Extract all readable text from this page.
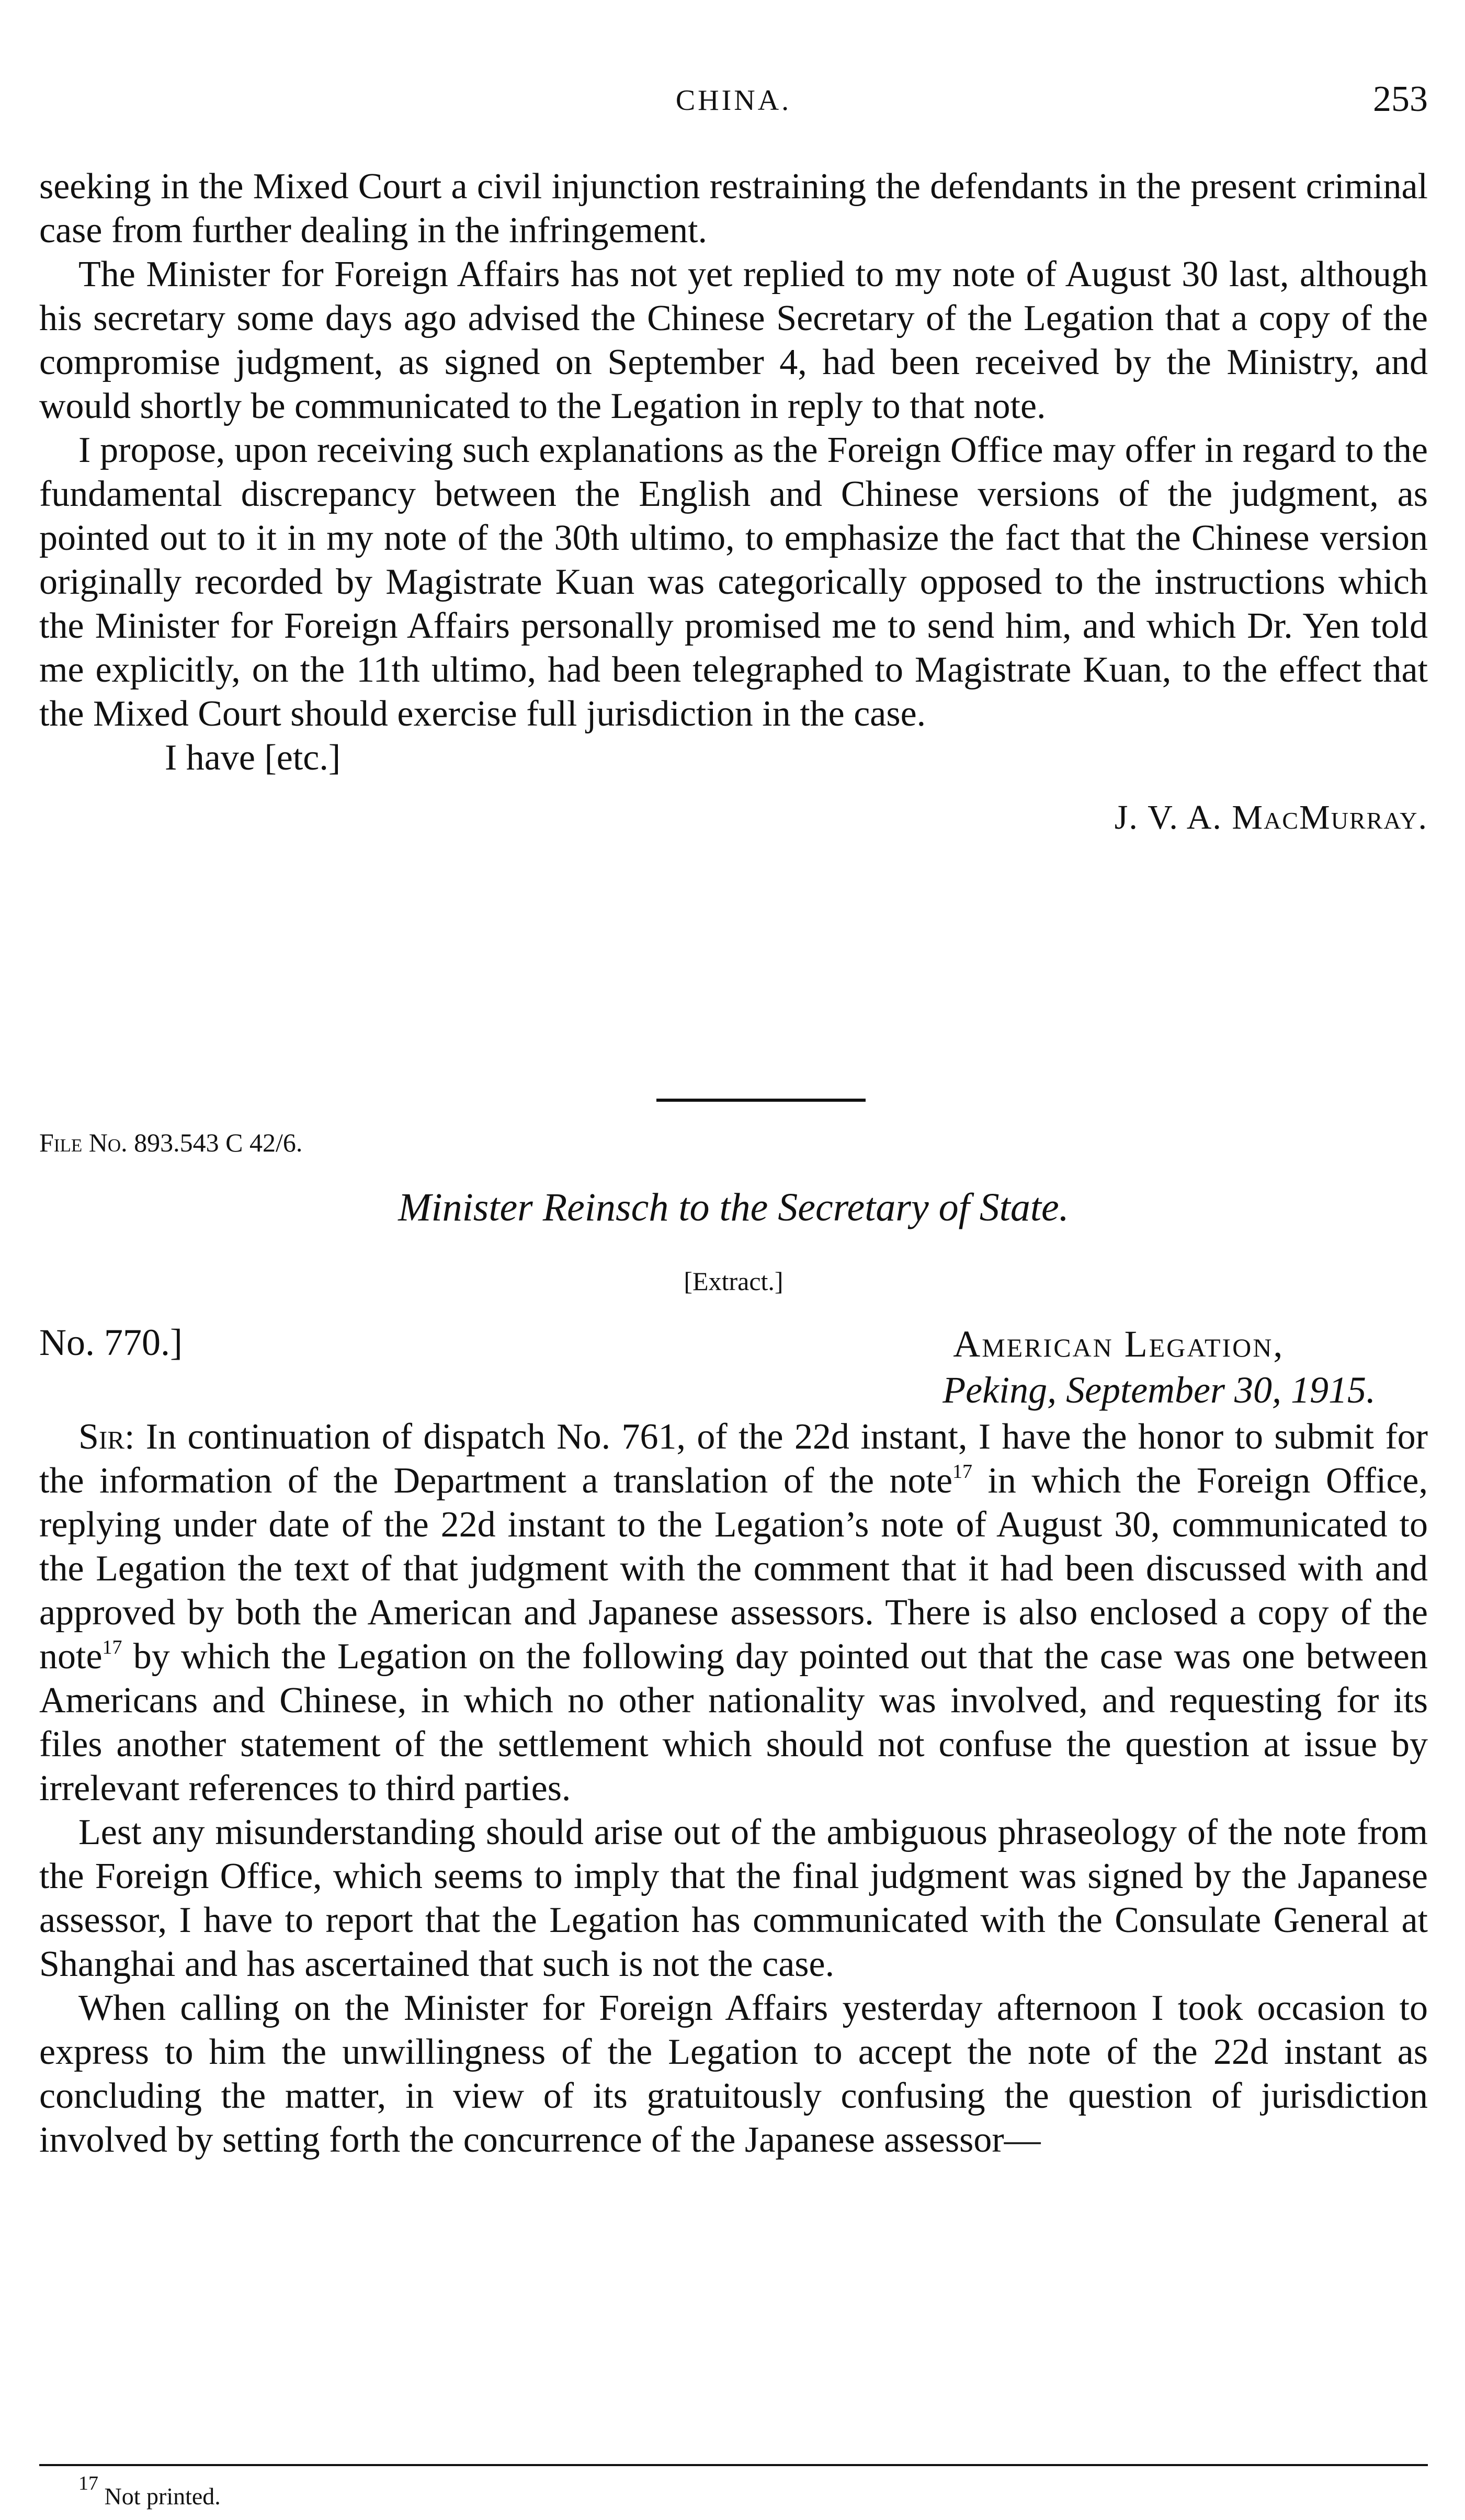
CHINA.	253

seeking in the Mixed Court a civil injunction restraining the defendants in the present criminal case from further dealing in the infringement.

The Minister for Foreign Affairs has not yet replied to my note of August 30 last, although his secretary some days ago advised the Chinese Secretary of the Legation that a copy of the compromise judgment, as signed on September 4, had been received by the Ministry, and would shortly be communicated to the Legation in reply to that note.

I propose, upon receiving such explanations as the Foreign Office may offer in regard to the fundamental discrepancy between the English and Chinese versions of the judgment, as pointed out to it in my note of the 30th ultimo, to emphasize the fact that the Chinese version originally recorded by Magistrate Kuan was categorically opposed to the instructions which the Minister for Foreign Affairs personally promised me to send him, and which Dr. Yen told me explicitly, on the 11th ultimo, had been telegraphed to Magistrate Kuan, to the effect that the Mixed Court should exercise full jurisdiction in the case.

I have [etc.]

J. V. A. MacMurray.
File No. 893.543 C 42/6.
Minister Reinsch to the Secretary of State.
[Extract.]
No. 770.]	American Legation,
Peking, September 30, 1915.

Sir: In continuation of dispatch No. 761, of the 22d instant, I have the honor to submit for the information of the Department a translation of the note$^{17}$ in which the Foreign Office, replying under date of the 22d instant to the Legation’s note of August 30, communicated to the Legation the text of that judgment with the comment that it had been discussed with and approved by both the American and Japanese assessors. There is also enclosed a copy of the note$^{17}$ by which the Legation on the following day pointed out that the case was one between Americans and Chinese, in which no other nationality was involved, and requesting for its files another statement of the settlement which should not confuse the question at issue by irrelevant references to third parties.

Lest any misunderstanding should arise out of the ambiguous phraseology of the note from the Foreign Office, which seems to imply that the final judgment was signed by the Japanese assessor, I have to report that the Legation has communicated with the Consulate General at Shanghai and has ascertained that such is not the case.

When calling on the Minister for Foreign Affairs yesterday afternoon I took occasion to express to him the unwillingness of the Legation to accept the note of the 22d instant as concluding the matter, in view of its gratuitously confusing the question of jurisdiction involved by setting forth the concurrence of the Japanese assessor—

$^{17}$ Not printed.
